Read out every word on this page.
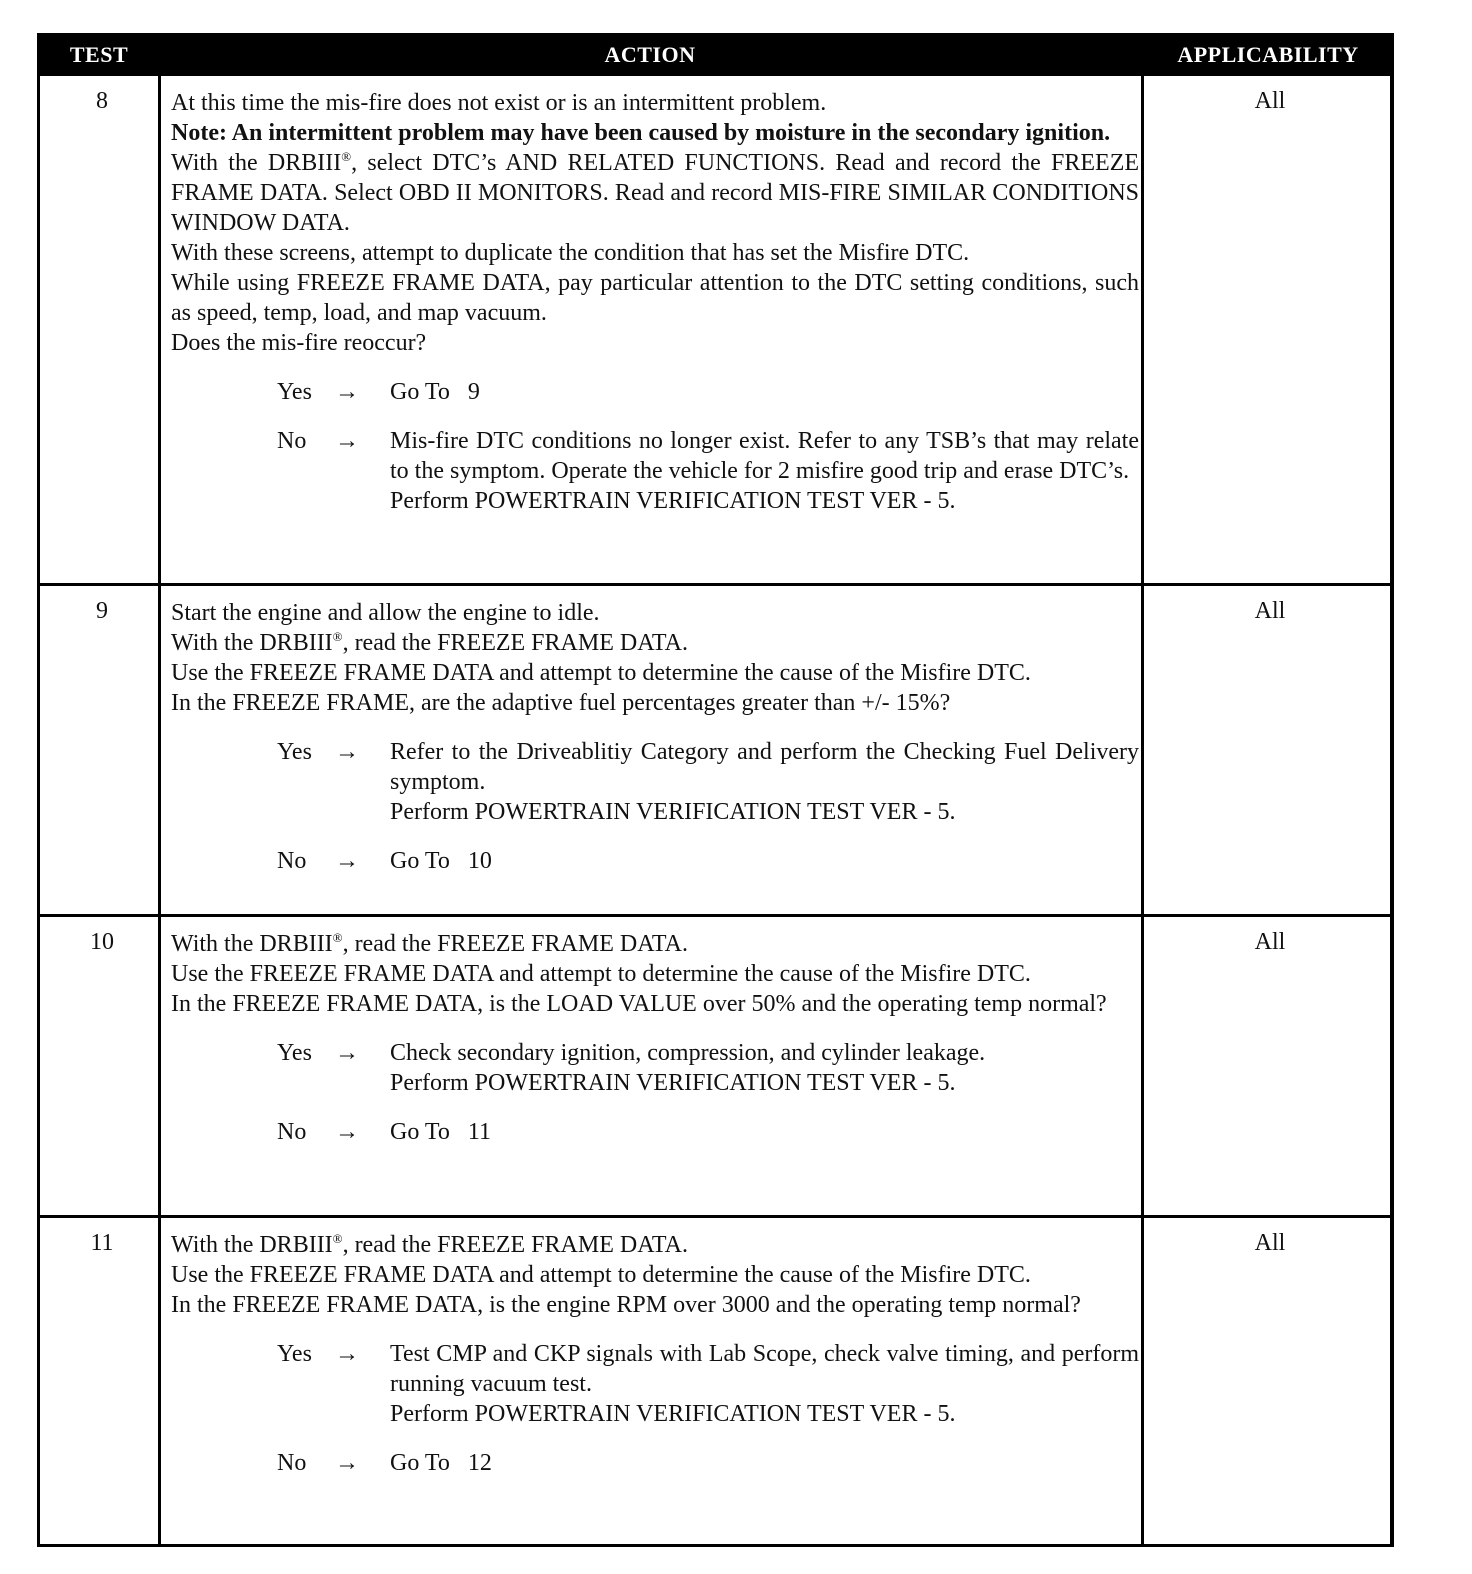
TEST	ACTION	APPLICABILITY
8	At this time the mis-fire does not exist or is an intermittent problem.
Note: An intermittent problem may have been caused by moisture in the secondary ignition.
With the DRBIII®, select DTC’s AND RELATED FUNCTIONS. Read and record the FREEZE FRAME DATA. Select OBD II MONITORS. Read and record MIS-FIRE SIMILAR CONDITIONS WINDOW DATA.
With these screens, attempt to duplicate the condition that has set the Misfire DTC.
While using FREEZE FRAME DATA, pay particular attention to the DTC setting conditions, such as speed, temp, load, and map vacuum.
Does the mis-fire reoccur?
Yes →	Go To   9
No	→	Mis-fire DTC conditions no longer exist. Refer to any TSB’s that may relate to the symptom. Operate the vehicle for 2 misfire good trip and erase DTC’s.
Perform POWERTRAIN VERIFICATION TEST VER - 5.
All
9	Start the engine and allow the engine to idle.
With the DRBIII®, read the FREEZE FRAME DATA.
Use the FREEZE FRAME DATA and attempt to determine the cause of the Misfire DTC.
In the FREEZE FRAME, are the adaptive fuel percentages greater than +/- 15%?
Yes →	Refer to the Driveablitiy Category and perform the Checking Fuel Delivery symptom.
Perform POWERTRAIN VERIFICATION TEST VER - 5.
No	→	Go To   10
All
10	With the DRBIII®, read the FREEZE FRAME DATA.
Use the FREEZE FRAME DATA and attempt to determine the cause of the Misfire DTC.
In the FREEZE FRAME DATA, is the LOAD VALUE over 50% and the operating temp normal?
Yes →	Check secondary ignition, compression, and cylinder leakage.
Perform POWERTRAIN VERIFICATION TEST VER - 5.
No	→	Go To   11
All
11	With the DRBIII®, read the FREEZE FRAME DATA.
Use the FREEZE FRAME DATA and attempt to determine the cause of the Misfire DTC.
In the FREEZE FRAME DATA, is the engine RPM over 3000 and the operating temp normal?
Yes →	Test CMP and CKP signals with Lab Scope, check valve timing, and perform running vacuum test.
Perform POWERTRAIN VERIFICATION TEST VER - 5.
No	→	Go To   12
All
